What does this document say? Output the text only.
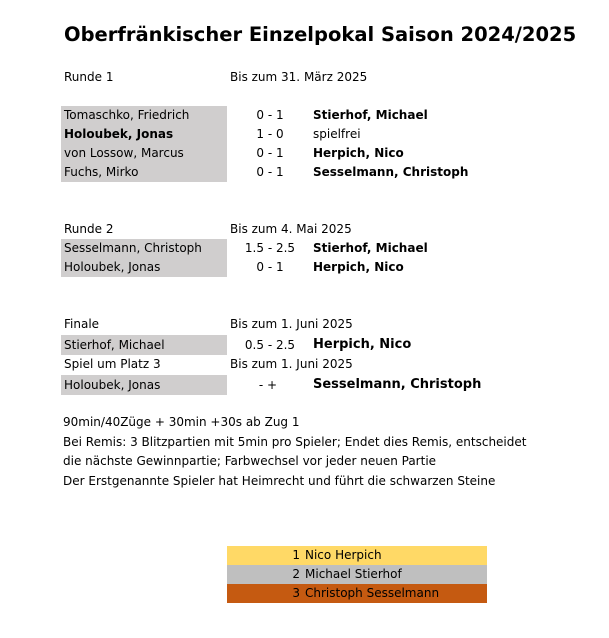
Oberfränkischer Einzelpokal Saison 2024/2025
Runde 1	Bis zum 31. März 2025
Tomaschko, Friedrich	0 - 1	Stierhof, Michael
Holoubek, Jonas	1 - 0	spielfrei
von Lossow, Marcus	0 - 1	Herpich, Nico
Fuchs, Mirko	0 - 1	Sesselmann, Christoph
Runde 2	Bis zum 4. Mai 2025
Sesselmann, Christoph	1.5 - 2.5	Stierhof, Michael
Holoubek, Jonas	0 - 1	Herpich, Nico
Finale	Bis zum 1. Juni 2025
Stierhof, Michael	0.5 - 2.5	Herpich, Nico
Spiel um Platz 3	Bis zum 1. Juni 2025
Holoubek, Jonas	- +	Sesselmann, Christoph
90min/40Züge + 30min +30s ab Zug 1
Bei Remis: 3 Blitzpartien mit 5min pro Spieler; Endet dies Remis, entscheidet
die nächste Gewinnpartie; Farbwechsel vor jeder neuen Partie
Der Erstgenannte Spieler hat Heimrecht und führt die schwarzen Steine
1 Nico Herpich
2 Michael Stierhof
3 Christoph Sesselmann
